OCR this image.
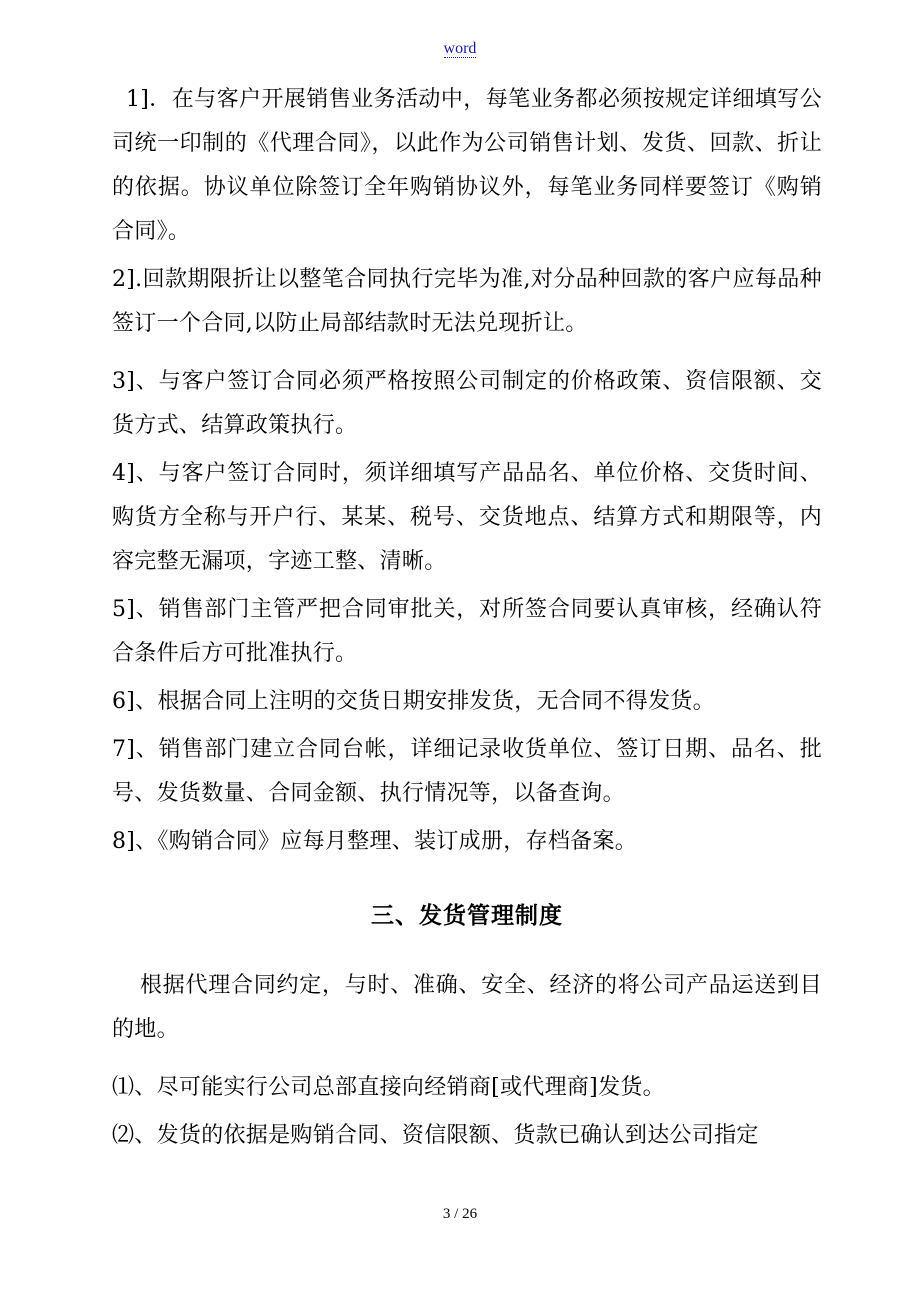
word

1]．在与客户开展销售业务活动中，每笔业务都必须按规定详细填写公司统一印制的《代理合同》，以此作为公司销售计划、发货、回款、折让的依据。协议单位除签订全年购销协议外，每笔业务同样要签订《购销合同》。

2].回款期限折让以整笔合同执行完毕为准,对分品种回款的客户应每品种签订一个合同,以防止局部结款时无法兑现折让。

3]、与客户签订合同必须严格按照公司制定的价格政策、资信限额、交货方式、结算政策执行。

4]、与客户签订合同时，须详细填写产品品名、单位价格、交货时间、购货方全称与开户行、某某、税号、交货地点、结算方式和期限等，内容完整无漏项，字迹工整、清晰。

5]、销售部门主管严把合同审批关，对所签合同要认真审核，经确认符合条件后方可批准执行。

6]、根据合同上注明的交货日期安排发货，无合同不得发货。

7]、销售部门建立合同台帐，详细记录收货单位、签订日期、品名、批号、发货数量、合同金额、执行情况等，以备查询。

8]、《购销合同》应每月整理、装订成册，存档备案。

三、发货管理制度

根据代理合同约定，与时、准确、安全、经济的将公司产品运送到目的地。

⑴、尽可能实行公司总部直接向经销商[或代理商]发货。

⑵、发货的依据是购销合同、资信限额、货款已确认到达公司指定

3 / 26
